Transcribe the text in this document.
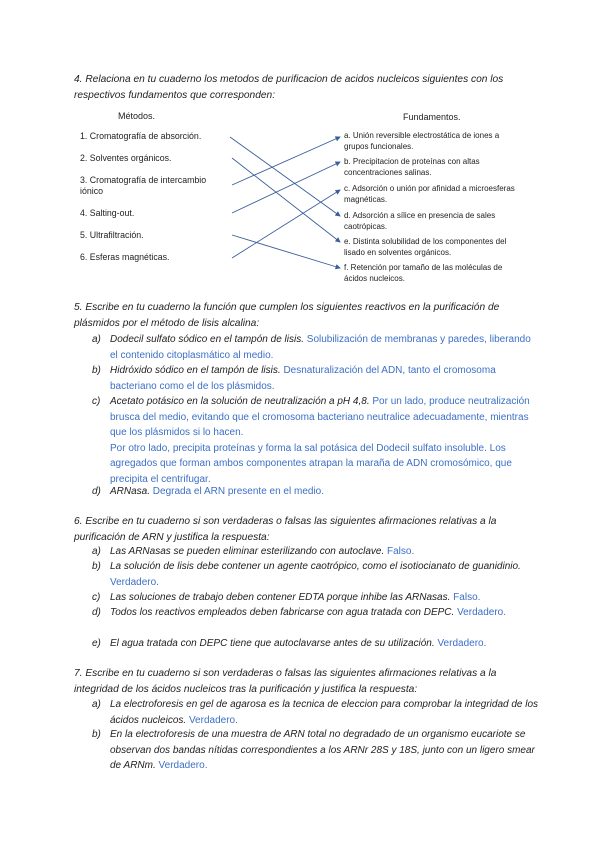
4. Relaciona en tu cuaderno los metodos de purificacion de acidos nucleicos siguientes con los respectivos fundamentos que corresponden:
Métodos.	Fundamentos.
1. Cromatografía de absorción.
2. Solventes orgánicos.
3. Cromatografía de intercambio iónico
4. Salting-out.
5. Ultrafiltración.
6. Esferas magnéticas.
a. Unión reversible electrostática de iones a grupos funcionales.
b. Precipitacion de proteínas con altas concentraciones salinas.
c. Adsorción o unión por afinidad a microesferas magnéticas.
d. Adsorción a sílice en presencia de sales caotrópicas.
e. Distinta solubilidad de los componentes del lisado en solventes orgánicos.
f. Retención por tamaño de las moléculas de ácidos nucleicos.
5. Escribe en tu cuaderno la función que cumplen los siguientes reactivos en la purificación de plásmidos por el método de lisis alcalina:
a) Dodecil sulfato sódico en el tampón de lisis. Solubilización de membranas y paredes, liberando el contenido citoplasmático al medio.
b) Hidróxido sódico en el tampón de lisis. Desnaturalización del ADN, tanto el cromosoma bacteriano como el de los plásmidos.
c) Acetato potásico en la solución de neutralización a pH 4,8. Por un lado, produce neutralización brusca del medio, evitando que el cromosoma bacteriano neutralice adecuadamente, mientras que los plásmidos si lo hacen.
Por otro lado, precipita proteínas y forma la sal potásica del Dodecil sulfato insoluble. Los agregados que forman ambos componentes atrapan la maraña de ADN cromosómico, que precipita el centrifugar.
d) ARNasa. Degrada el ARN presente en el medio.
6. Escribe en tu cuaderno si son verdaderas o falsas las siguientes afirmaciones relativas a la purificación de ARN y justifica la respuesta:
a) Las ARNasas se pueden eliminar esterilizando con autoclave. Falso.
b) La solución de lisis debe contener un agente caotrópico, como el isotiocianato de guanidinio. Verdadero.
c) Las soluciones de trabajo deben contener EDTA porque inhibe las ARNasas. Falso.
d) Todos los reactivos empleados deben fabricarse con agua tratada con DEPC. Verdadero.
e) El agua tratada con DEPC tiene que autoclavarse antes de su utilización. Verdadero.
7. Escribe en tu cuaderno si son verdaderas o falsas las siguientes afirmaciones relativas a la integridad de los ácidos nucleicos tras la purificación y justifica la respuesta:
a) La electroforesis en gel de agarosa es la tecnica de eleccion para comprobar la integridad de los ácidos nucleicos. Verdadero.
b) En la electroforesis de una muestra de ARN total no degradado de un organismo eucariote se observan dos bandas nítidas correspondientes a los ARNr 28S y 18S, junto con un ligero smear de ARNm. Verdadero.
